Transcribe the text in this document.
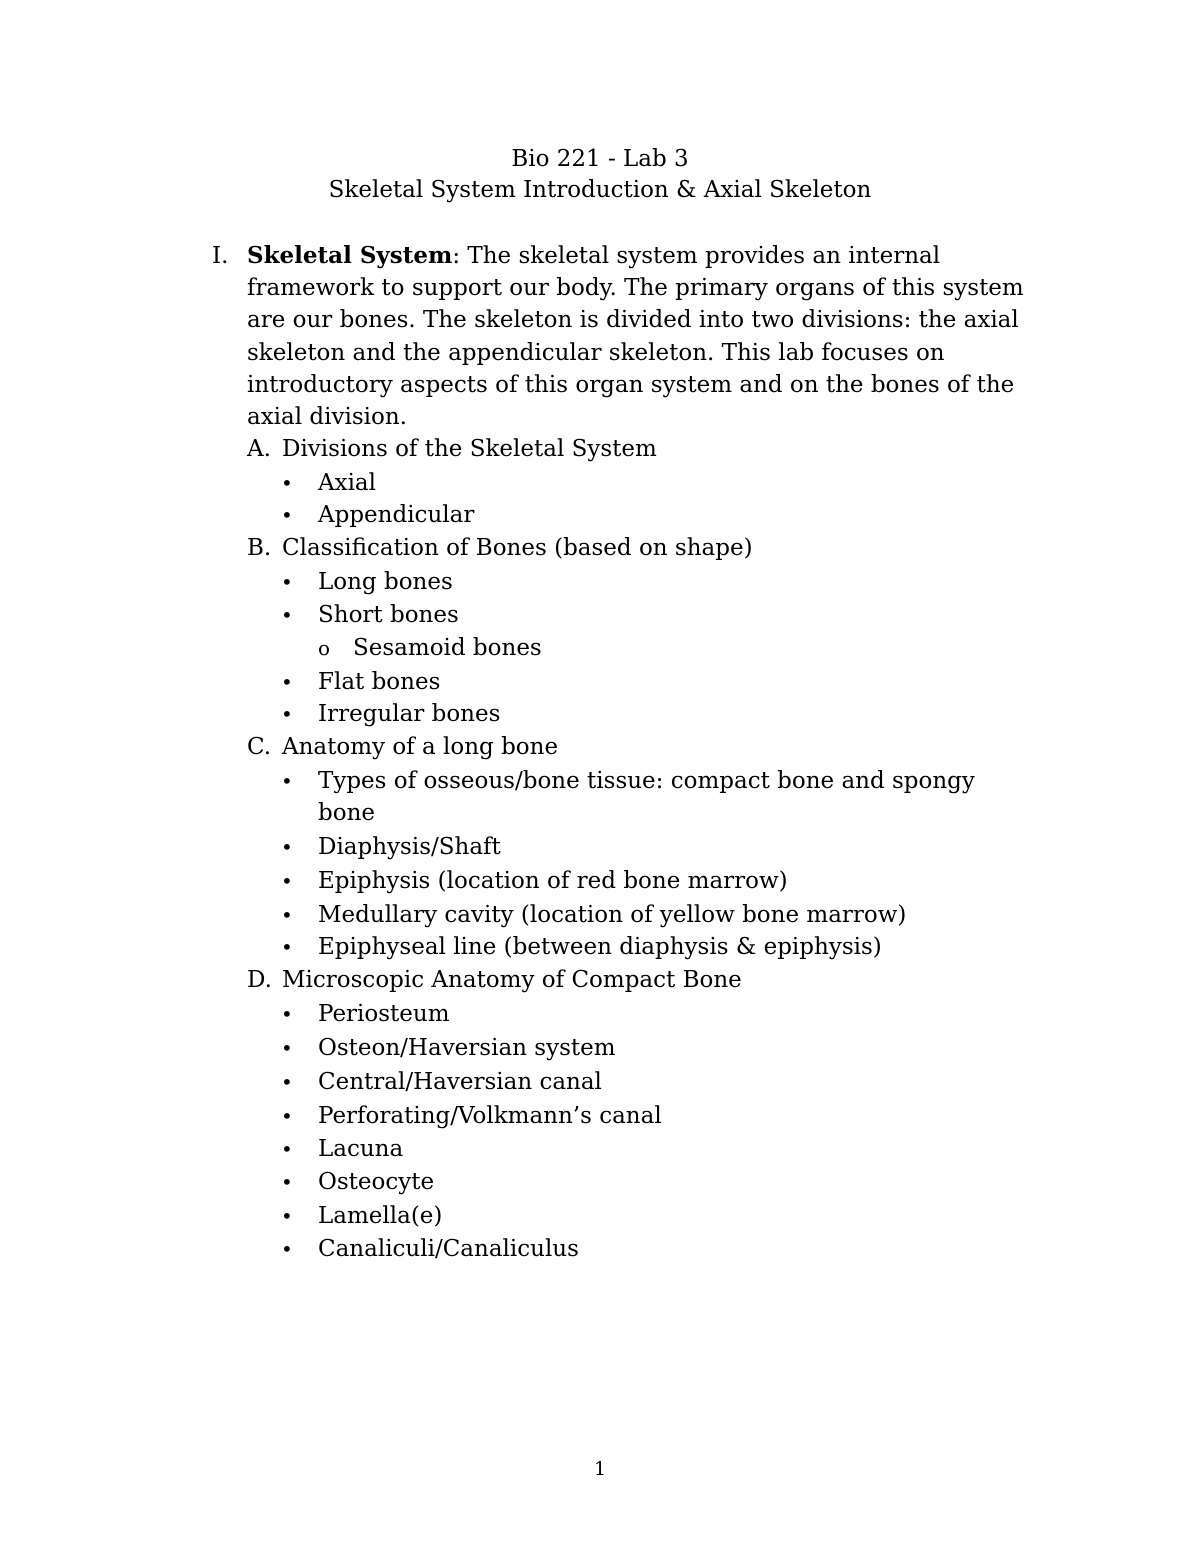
Bio 221 - Lab 3
Skeletal System Introduction & Axial Skeleton
I. Skeletal System: The skeletal system provides an internal framework to support our body. The primary organs of this system are our bones. The skeleton is divided into two divisions: the axial skeleton and the appendicular skeleton. This lab focuses on introductory aspects of this organ system and on the bones of the axial division.
A. Divisions of the Skeletal System
• Axial
• Appendicular
B. Classification of Bones (based on shape)
• Long bones
• Short bones
o Sesamoid bones
• Flat bones
• Irregular bones
C. Anatomy of a long bone
• Types of osseous/bone tissue: compact bone and spongy
bone
• Diaphysis/Shaft
• Epiphysis (location of red bone marrow)
• Medullary cavity (location of yellow bone marrow)
• Epiphyseal line (between diaphysis & epiphysis)
D. Microscopic Anatomy of Compact Bone
• Periosteum
• Osteon/Haversian system
• Central/Haversian canal
• Perforating/Volkmann’s canal
• Lacuna
• Osteocyte
• Lamella(e)
• Canaliculi/Canaliculus
1
